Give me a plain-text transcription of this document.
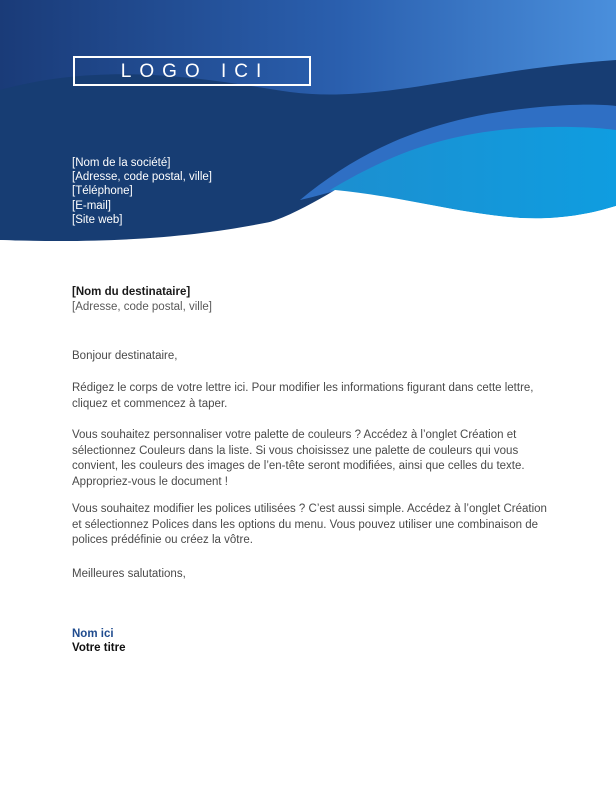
LOGO ICI
[Nom de la société]
[Adresse, code postal, ville]
[Téléphone]
[E-mail]
[Site web]
[Nom du destinataire]
[Adresse, code postal, ville]

Bonjour destinataire,

Rédigez le corps de votre lettre ici. Pour modifier les informations figurant dans cette lettre, cliquez et commencez à taper.

Vous souhaitez personnaliser votre palette de couleurs ? Accédez à l’onglet Création et sélectionnez Couleurs dans la liste. Si vous choisissez une palette de couleurs qui vous convient, les couleurs des images de l’en-tête seront modifiées, ainsi que celles du texte. Appropriez-vous le document !

Vous souhaitez modifier les polices utilisées ? C’est aussi simple. Accédez à l’onglet Création et sélectionnez Polices dans les options du menu. Vous pouvez utiliser une combinaison de polices prédéfinie ou créez la vôtre.

Meilleures salutations,

Nom ici
Votre titre
